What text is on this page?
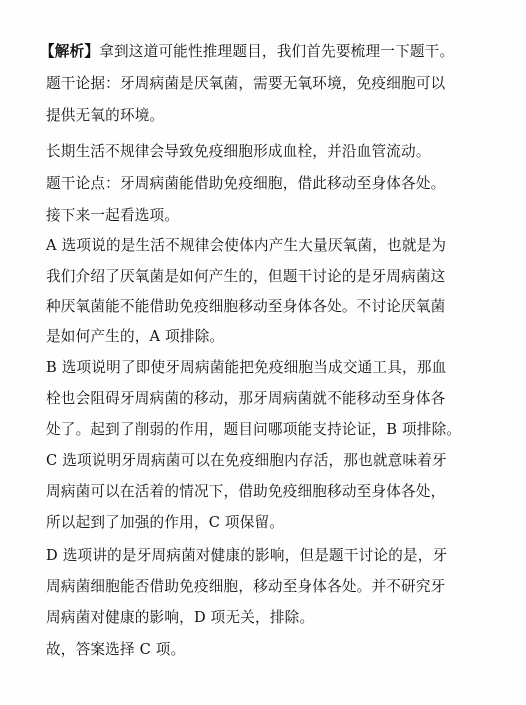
【解析】拿到这道可能性推理题目，我们首先要梳理一下题干。
题干论据：牙周病菌是厌氧菌，需要无氧环境，免疫细胞可以
提供无氧的环境。
长期生活不规律会导致免疫细胞形成血栓，并沿血管流动。
题干论点：牙周病菌能借助免疫细胞，借此移动至身体各处。
接下来一起看选项。
A 选项说的是生活不规律会使体内产生大量厌氧菌，也就是为
我们介绍了厌氧菌是如何产生的，但题干讨论的是牙周病菌这
种厌氧菌能不能借助免疫细胞移动至身体各处。不讨论厌氧菌
是如何产生的，A 项排除。
B 选项说明了即使牙周病菌能把免疫细胞当成交通工具，那血
栓也会阻碍牙周病菌的移动，那牙周病菌就不能移动至身体各
处了。起到了削弱的作用，题目问哪项能支持论证，B 项排除。
C 选项说明牙周病菌可以在免疫细胞内存活，那也就意味着牙
周病菌可以在活着的情况下，借助免疫细胞移动至身体各处，
所以起到了加强的作用，C 项保留。
D 选项讲的是牙周病菌对健康的影响，但是题干讨论的是，牙
周病菌细胞能否借助免疫细胞，移动至身体各处。并不研究牙
周病菌对健康的影响，D 项无关，排除。
故，答案选择 C 项。
